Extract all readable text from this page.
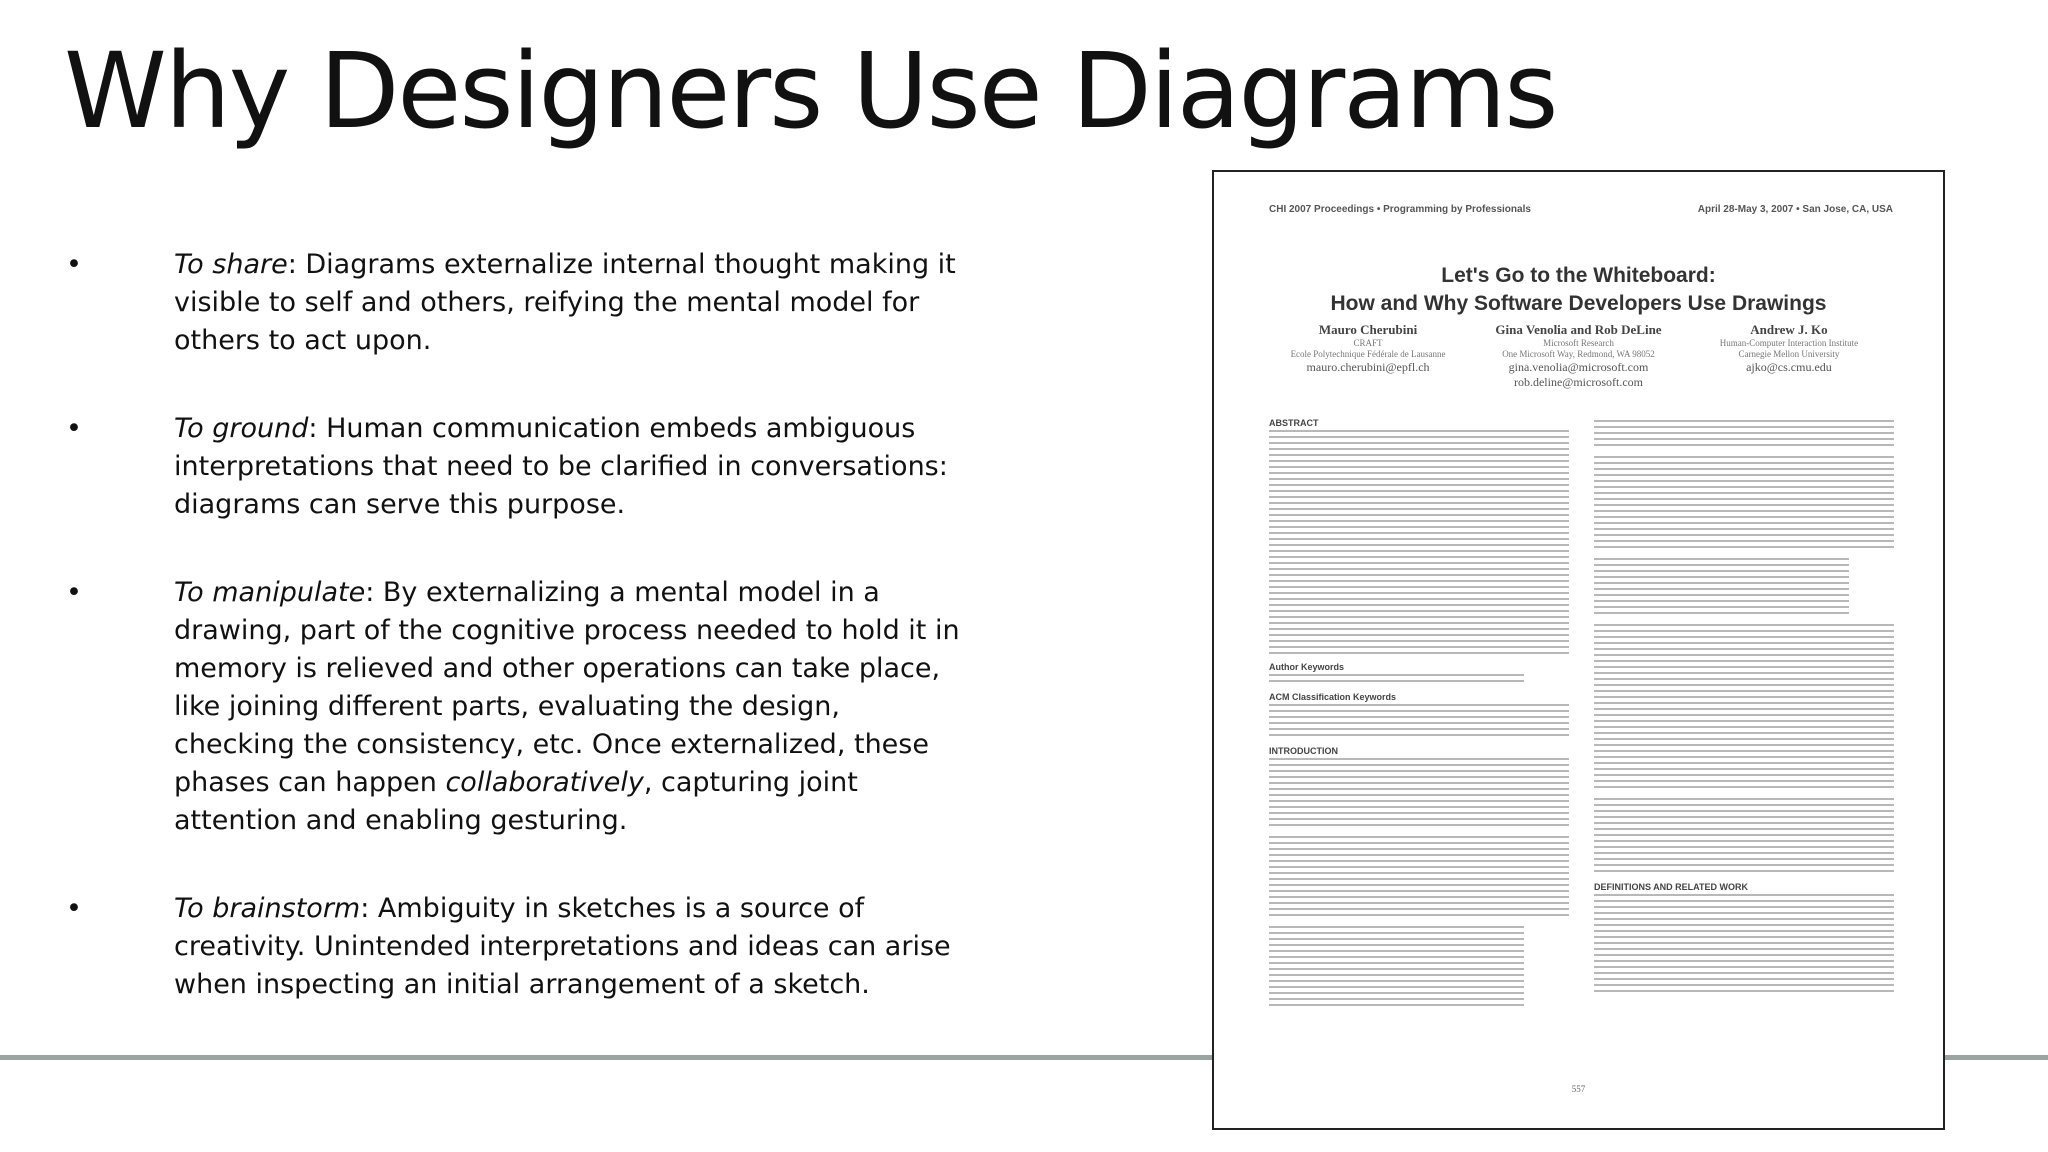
Why Designers Use Diagrams
•	To share: Diagrams externalize internal thought making it visible to self and others, reifying the mental model for others to act upon.
•	To ground: Human communication embeds ambiguous interpretations that need to be clarified in conversations: diagrams can serve this purpose.
•	To manipulate: By externalizing a mental model in a drawing, part of the cognitive process needed to hold it in memory is relieved and other operations can take place, like joining different parts, evaluating the design, checking the consistency, etc. Once externalized, these phases can happen collaboratively, capturing joint attention and enabling gesturing.
•	To brainstorm: Ambiguity in sketches is a source of creativity. Unintended interpretations and ideas can arise when inspecting an initial arrangement of a sketch.
CHI 2007 Proceedings • Programming by Professionals	April 28-May 3, 2007 • San Jose, CA, USA
Let's Go to the Whiteboard:
How and Why Software Developers Use Drawings
Mauro Cherubini
CRAFT
Ecole Polytechnique Fédérale de Lausanne
mauro.cherubini@epfl.ch
Gina Venolia and Rob DeLine
Microsoft Research
One Microsoft Way, Redmond, WA 98052
gina.venolia@microsoft.com
rob.deline@microsoft.com
Andrew J. Ko
Human-Computer Interaction Institute
Carnegie Mellon University
ajko@cs.cmu.edu
ABSTRACT
Author Keywords
ACM Classification Keywords
INTRODUCTION
DEFINITIONS AND RELATED WORK
557
